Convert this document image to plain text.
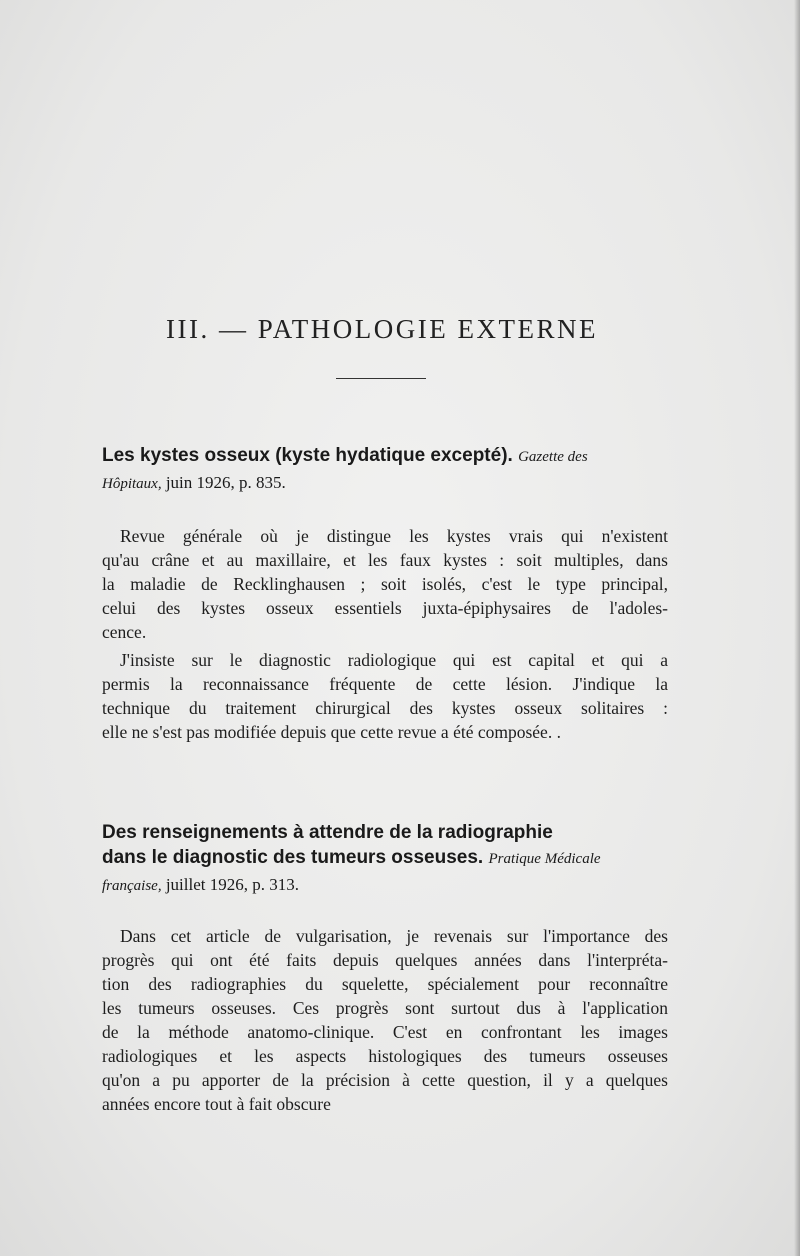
III. — PATHOLOGIE EXTERNE
Les kystes osseux (kyste hydatique excepté). Gazette des
Hôpitaux, juin 1926, p. 835.
Revue générale où je distingue les kystes vrais qui n'existent
qu'au crâne et au maxillaire, et les faux kystes : soit multiples, dans
la maladie de Recklinghausen ; soit isolés, c'est le type principal,
celui des kystes osseux essentiels juxta-épiphysaires de l'adoles-
cence.
J'insiste sur le diagnostic radiologique qui est capital et qui a
permis la reconnaissance fréquente de cette lésion. J'indique la
technique du traitement chirurgical des kystes osseux solitaires :
elle ne s'est pas modifiée depuis que cette revue a été composée. .
Des renseignements à attendre de la radiographie
dans le diagnostic des tumeurs osseuses. Pratique Médicale
française, juillet 1926, p. 313.
Dans cet article de vulgarisation, je revenais sur l'importance des
progrès qui ont été faits depuis quelques années dans l'interpréta-
tion des radiographies du squelette, spécialement pour reconnaître
les tumeurs osseuses. Ces progrès sont surtout dus à l'application
de la méthode anatomo-clinique. C'est en confrontant les images
radiologiques et les aspects histologiques des tumeurs osseuses
qu'on a pu apporter de la précision à cette question, il y a quelques
années encore tout à fait obscure
